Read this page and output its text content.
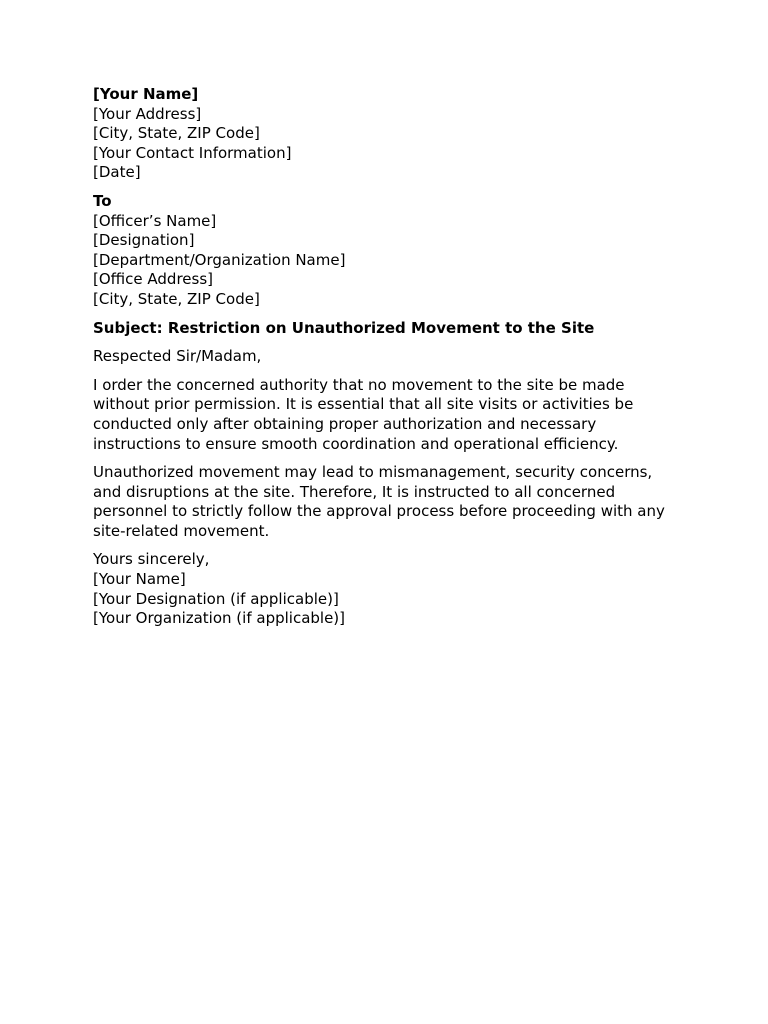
[Your Name]
[Your Address]
[City, State, ZIP Code]
[Your Contact Information]
[Date]
To
[Officer’s Name]
[Designation]
[Department/Organization Name]
[Office Address]
[City, State, ZIP Code]
Subject: Restriction on Unauthorized Movement to the Site
Respected Sir/Madam,

I order the concerned authority that no movement to the site be made without prior permission. It is essential that all site visits or activities be conducted only after obtaining proper authorization and necessary instructions to ensure smooth coordination and operational efficiency.

Unauthorized movement may lead to mismanagement, security concerns, and disruptions at the site. Therefore, It is instructed to all concerned personnel to strictly follow the approval process before proceeding with any site-related movement.

Yours sincerely,
[Your Name]
[Your Designation (if applicable)]
[Your Organization (if applicable)]
